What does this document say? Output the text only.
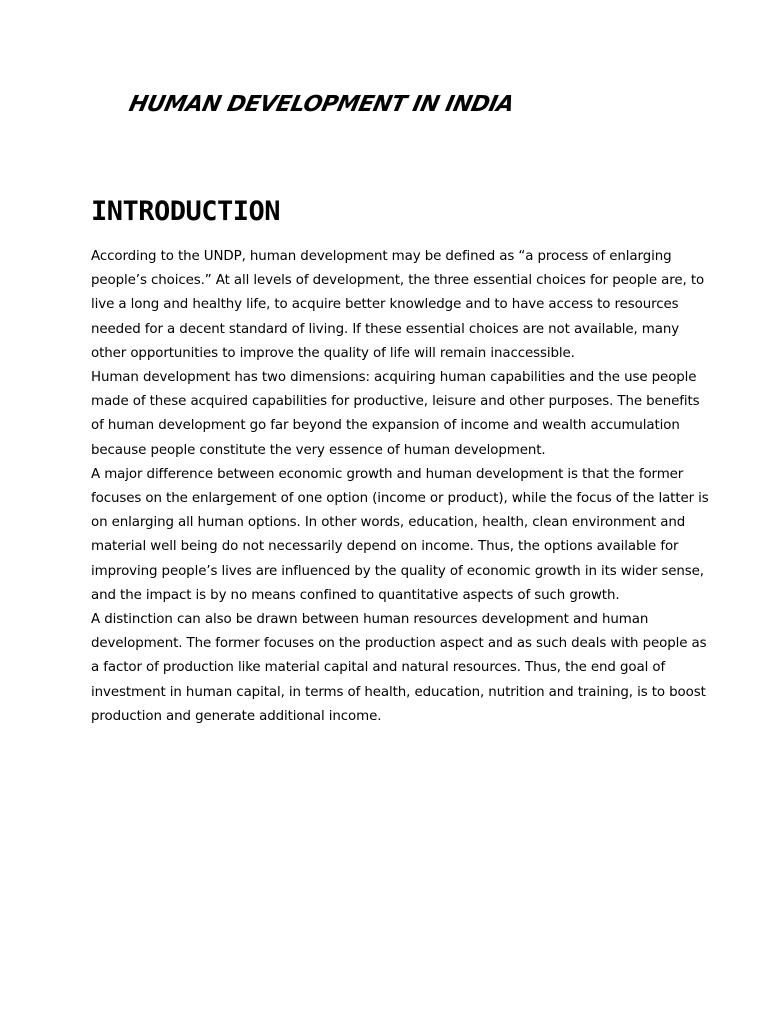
HUMAN DEVELOPMENT IN INDIA
INTRODUCTION

According to the UNDP, human development may be defined as “a process of enlarging people’s choices.” At all levels of development, the three essential choices for people are, to live a long and healthy life, to acquire better knowledge and to have access to resources needed for a decent standard of living. If these essential choices are not available, many other opportunities to improve the quality of life will remain inaccessible.

Human development has two dimensions: acquiring human capabilities and the use people made of these acquired capabilities for productive, leisure and other purposes. The benefits of human development go far beyond the expansion of income and wealth accumulation because people constitute the very essence of human development.

A major difference between economic growth and human development is that the former focuses on the enlargement of one option (income or product), while the focus of the latter is on enlarging all human options. In other words, education, health, clean environment and material well being do not necessarily depend on income. Thus, the options available for improving people’s lives are influenced by the quality of economic growth in its wider sense, and the impact is by no means confined to quantitative aspects of such growth.

A distinction can also be drawn between human resources development and human development. The former focuses on the production aspect and as such deals with people as a factor of production like material capital and natural resources. Thus, the end goal of investment in human capital, in terms of health, education, nutrition and training, is to boost production and generate additional income.
